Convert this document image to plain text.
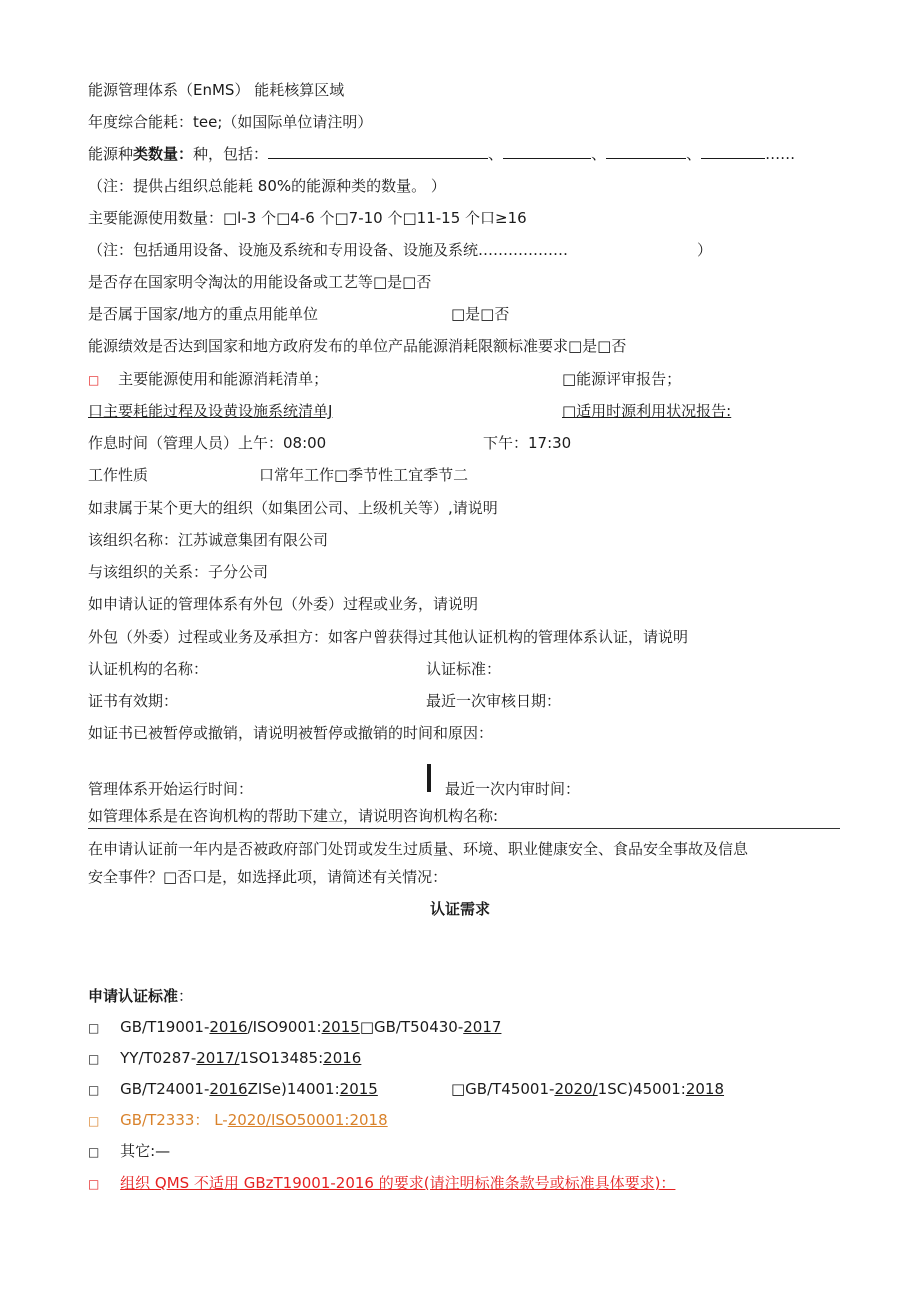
能源管理体系（EnMS） 能耗核算区域
年度综合能耗：tee;（如国际单位请注明）
能源种类数量：种，包括：	、	、	、	……
（注：提供占组织总能耗 80%的能源种类的数量。 ）
主要能源使用数量：□l-3 个□4-6 个□7-10 个□11-15 个口≥16
（注：包括通用设备、设施及系统和专用设备、设施及系统………………	）
是否存在国家明令淘汰的用能设备或工艺等□是□否
是否属于国家/地方的重点用能单位	□是□否
能源绩效是否达到国家和地方政府发布的单位产品能源消耗限额标准要求□是□否
□ 主要能源使用和能源消耗清单；	□能源评审报告；
口主要耗能过程及设黄设施系统清单J	□适用时源利用状况报告:
作息时间（管理人员）上午：08:00	下午：17:30
工作性质	口常年工作□季节性工宜季节二
如隶属于某个更大的组织（如集团公司、上级机关等）,请说明
该组织名称：江苏诚意集团有限公司
与该组织的关系：子分公司
如申请认证的管理体系有外包（外委）过程或业务，请说明
外包（外委）过程或业务及承担方：如客户曾获得过其他认证机构的管理体系认证，请说明
认证机构的名称：	认证标准：
证书有效期：	最近一次审核日期：
如证书已被暂停或撤销，请说明被暂停或撤销的时间和原因：
管理体系开始运行时间：	最近一次内审时间：
如管理体系是在咨询机构的帮助下建立，请说明咨询机构名称:
在申请认证前一年内是否被政府部门处罚或发生过质量、环境、职业健康安全、食品安全事故及信息
安全事件？□否口是，如选择此项，请简述有关情况：
认证需求
申请认证标准：
□ GB/T19001-2016/ISO9001:2015□GB/T50430-2017
□ YY/T0287-2017/1SO13485:2016
□ GB/T24001-2016ZISe)14001:2015	□GB/T45001-2020/1SC)45001:2018
□ GB/T2333： L-2020/ISO50001:2018
□ 其它:—
□ 组织 QMS 不适用 GBzT19001-2016 的要求(请注明标准条款号或标准具体要求)：
